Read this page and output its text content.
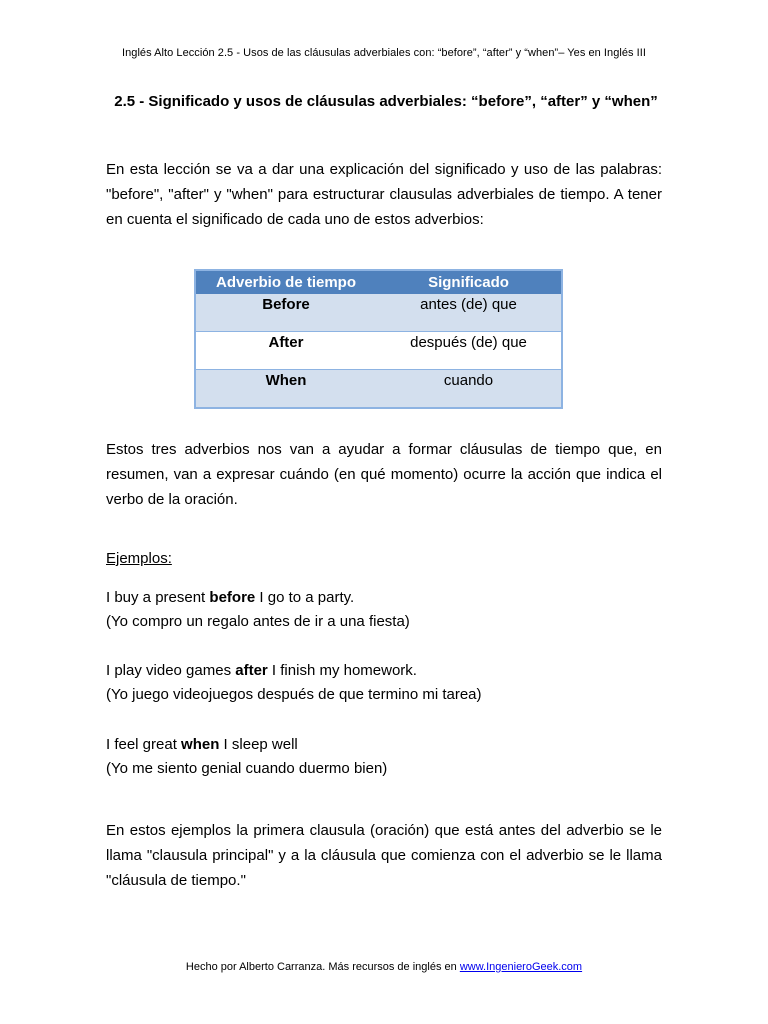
Inglés Alto Lección 2.5 - Usos de las cláusulas adverbiales con: “before”, “after” y “when”– Yes en Inglés III
2.5 - Significado y usos de cláusulas adverbiales: “before”, “after” y “when”
En esta lección se va a dar una explicación del significado y uso de las palabras: "before", "after" y "when" para estructurar clausulas adverbiales de tiempo. A tener en cuenta el significado de cada uno de estos adverbios:
Adverbio de tiempo	Significado
Before	antes (de) que
After	después (de) que
When	cuando
Estos tres adverbios nos van a ayudar a formar cláusulas de tiempo que, en resumen, van a expresar cuándo (en qué momento) ocurre la acción que indica el verbo de la oración.
Ejemplos:
I buy a present before I go to a party.
(Yo compro un regalo antes de ir a una fiesta)
I play video games after I finish my homework.
(Yo juego videojuegos después de que termino mi tarea)
I feel great when I sleep well
(Yo me siento genial cuando duermo bien)
En estos ejemplos la primera clausula (oración) que está antes del adverbio se le llama "clausula principal" y a la cláusula que comienza con el adverbio se le llama "cláusula de tiempo."
Hecho por Alberto Carranza. Más recursos de inglés en www.IngenieroGeek.com
